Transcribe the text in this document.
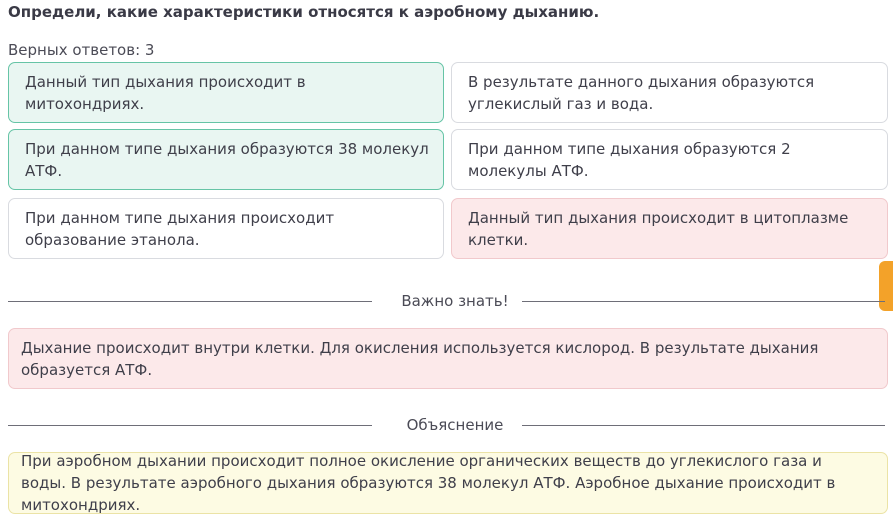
Определи, какие характеристики относятся к аэробному дыханию.
Верных ответов: 3
Данный тип дыхания происходит в митохондриях.
В результате данного дыхания образуются углекислый газ и вода.
При данном типе дыхания образуются 38 молекул АТФ.
При данном типе дыхания образуются 2 молекулы АТФ.
При данном типе дыхания происходит образование этанола.
Данный тип дыхания происходит в цитоплазме клетки.
Важно знать!
Дыхание происходит внутри клетки. Для окисления используется кислород. В результате дыхания образуется АТФ.
Объяснение
При аэробном дыхании происходит полное окисление органических веществ до углекислого газа и воды. В результате аэробного дыхания образуются 38 молекул АТФ. Аэробное дыхание происходит в митохондриях.
